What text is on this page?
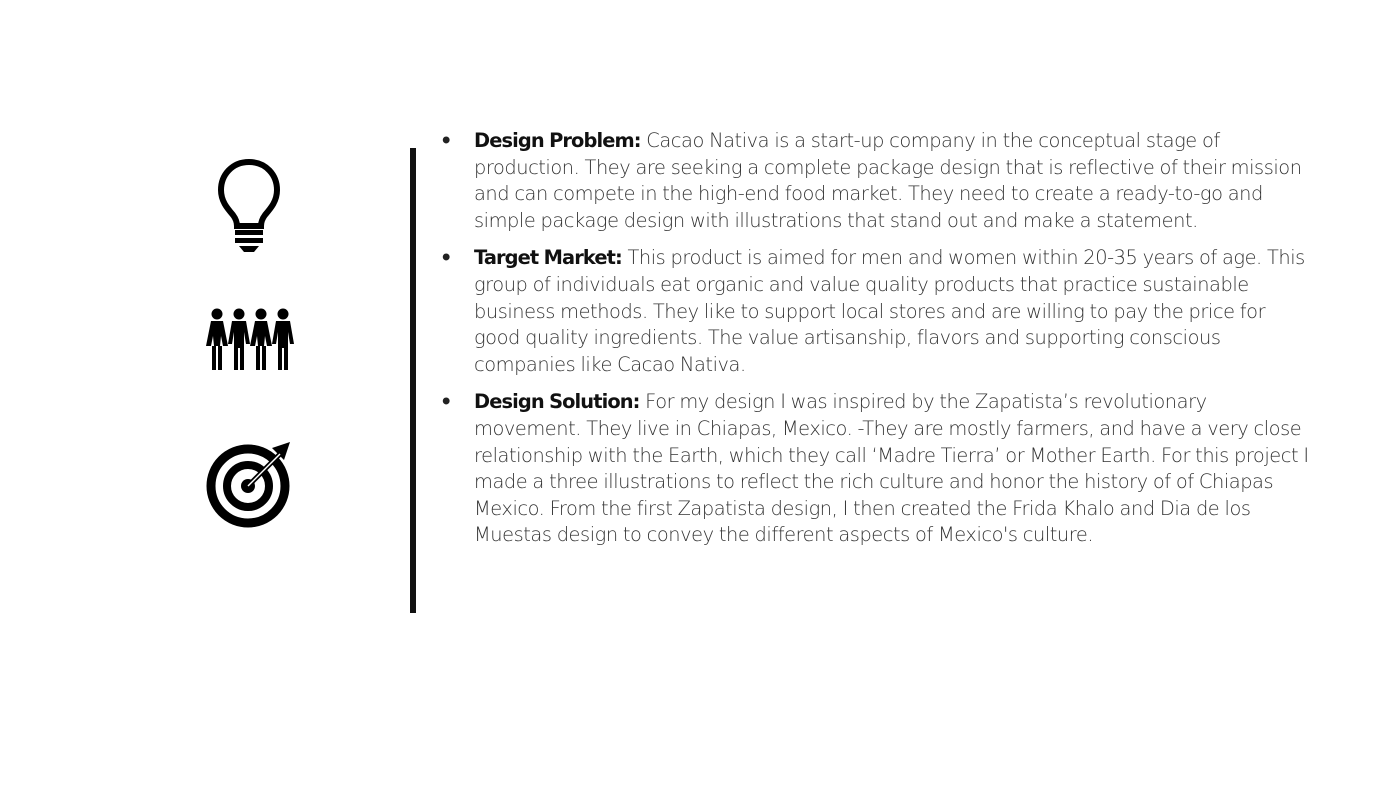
• Design Problem: Cacao Nativa is a start-up company in the conceptual stage of production. They are seeking a complete package design that is reflective of their mission and can compete in the high-end food market. They need to create a ready-to-go and simple package design with illustrations that stand out and make a statement.
• Target Market: This product is aimed for men and women within 20-35 years of age. This group of individuals eat organic and value quality products that practice sustainable business methods. They like to support local stores and are willing to pay the price for good quality ingredients. The value artisanship, flavors and supporting conscious companies like Cacao Nativa.
• Design Solution: For my design I was inspired by the Zapatista’s revolutionary movement. They live in Chiapas, Mexico. -They are mostly farmers, and have a very close relationship with the Earth, which they call ‘Madre Tierra’ or Mother Earth. For this project I made a three illustrations to reflect the rich culture and honor the history of of Chiapas Mexico. From the first Zapatista design, I then created the Frida Khalo and Dia de los Muestas design to convey the different aspects of Mexico's culture.
